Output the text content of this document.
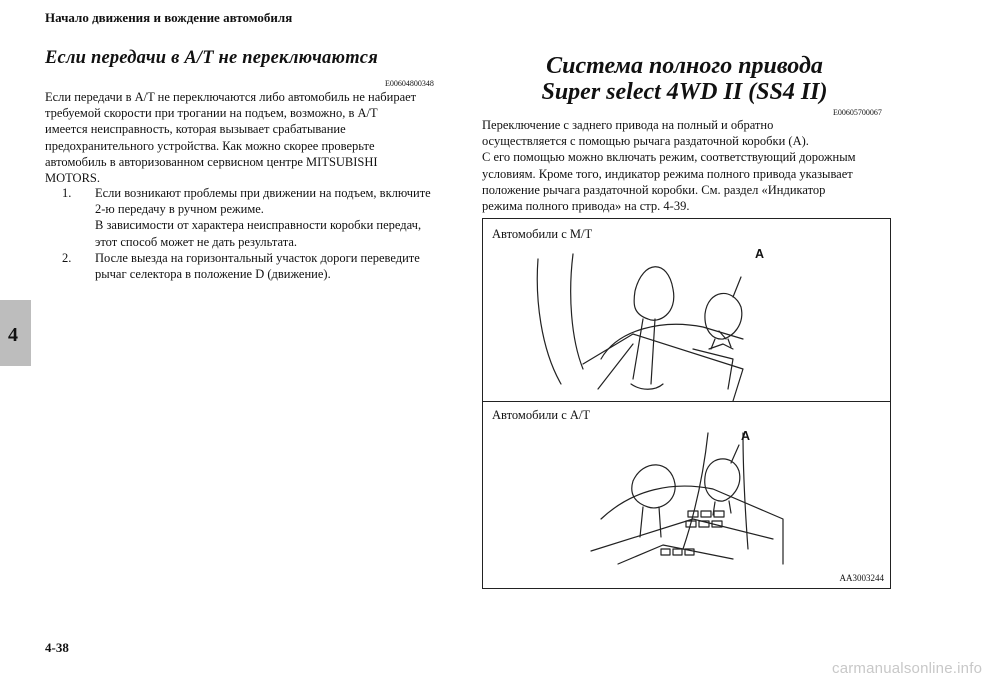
Начало движения и вождение автомобиля
4
Если передачи в A/T не переключаются
E00604800348
Если передачи в A/T не переключаются либо автомобиль не набирает
требуемой скорости при трогании на подъем, возможно, в A/T
имеется неисправность, которая вызывает срабатывание
предохранительного устройства. Как можно скорее проверьте
автомобиль в авторизованном сервисном центре MITSUBISHI
MOTORS.
1. Если возникают проблемы при движении на подъем, включите
2-ю передачу в ручном режиме.
В зависимости от характера неисправности коробки передач,
этот способ может не дать результата.
2. После выезда на горизонтальный участок дороги переведите
рычаг селектора в положение D (движение).
Система полного привода
Super select 4WD II (SS4 II)
E00605700067
Переключение с заднего привода на полный и обратно
осуществляется с помощью рычага раздаточной коробки (A).
С его помощью можно включать режим, соответствующий дорожным
условиям. Кроме того, индикатор режима полного привода указывает
положение рычага раздаточной коробки. См. раздел «Индикатор
режима полного привода» на стр. 4-39.
Автомобили с M/T
Автомобили с A/T
A
A
AA3003244
4-38
carmanualsonline.info
